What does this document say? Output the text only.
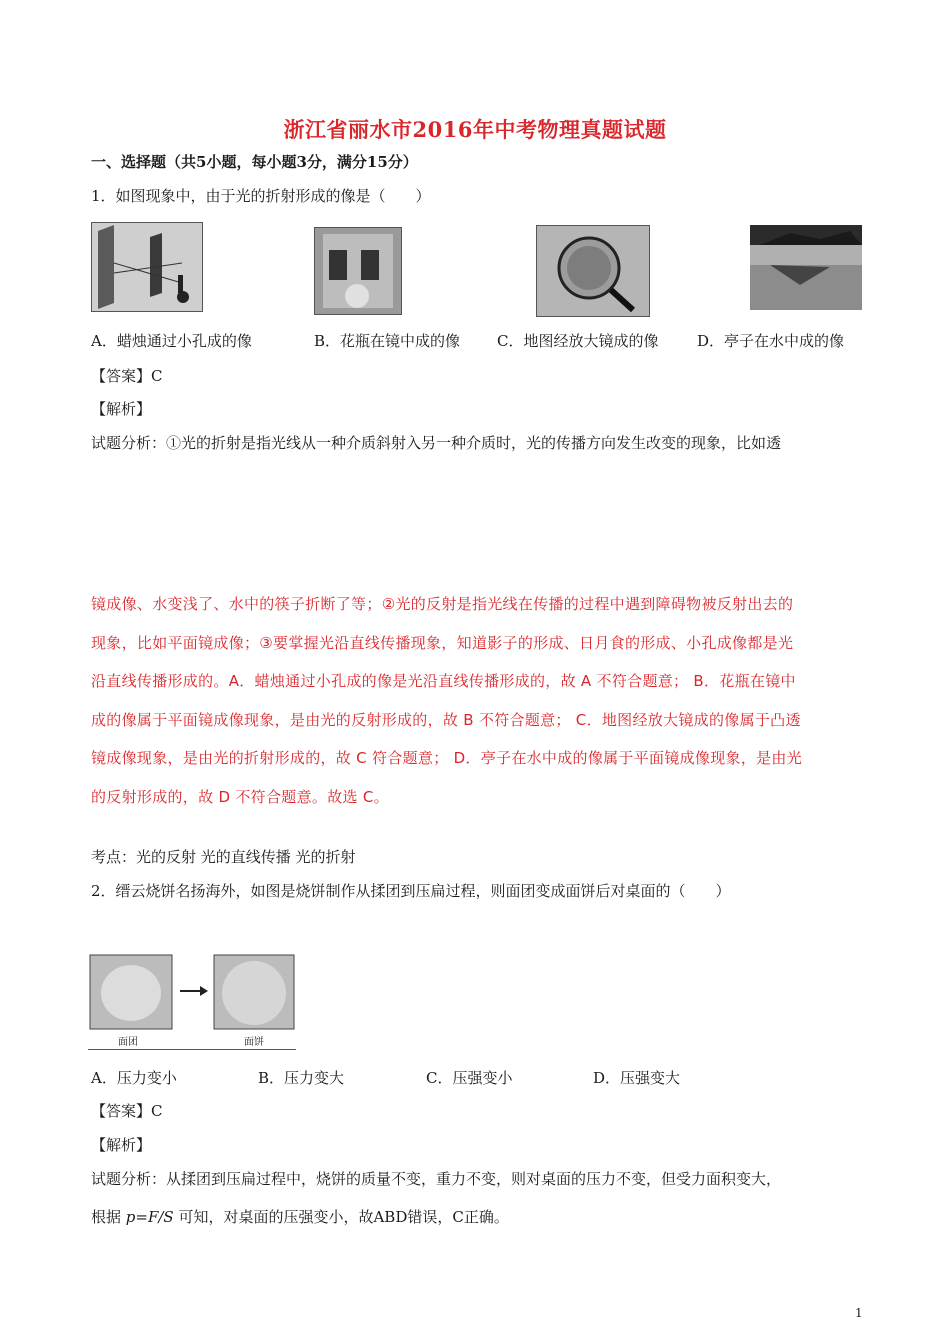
浙江省丽水市2016年中考物理真题试题
一、选择题（共5小题，每小题3分，满分15分）
1．如图现象中，由于光的折射形成的像是（　　）
A．蜡烛通过小孔成的像	B．花瓶在镜中成的像 C．地图经放大镜成的像	D．亭子在水中成的像
【答案】C
【解析】
试题分析：①光的折射是指光线从一种介质斜射入另一种介质时，光的传播方向发生改变的现象，比如透
镜成像、水变浅了、水中的筷子折断了等；②光的反射是指光线在传播的过程中遇到障碍物被反射出去的
现象，比如平面镜成像；③要掌握光沿直线传播现象，知道影子的形成、日月食的形成、小孔成像都是光
沿直线传播形成的。A．蜡烛通过小孔成的像是光沿直线传播形成的，故 A 不符合题意； B．花瓶在镜中
成的像属于平面镜成像现象，是由光的反射形成的，故 B 不符合题意； C．地图经放大镜成的像属于凸透
镜成像现象，是由光的折射形成的，故 C 符合题意； D．亭子在水中成的像属于平面镜成像现象，是由光
的反射形成的，故 D 不符合题意。故选 C。
考点：光的反射 光的直线传播 光的折射
2．缙云烧饼名扬海外，如图是烧饼制作从揉团到压扁过程，则面团变成面饼后对桌面的（　　）
面团	面饼
A．压力变小	B．压力变大	C．压强变小	D．压强变大
【答案】C
【解析】
试题分析：从揉团到压扁过程中，烧饼的质量不变，重力不变，则对桌面的压力不变，但受力面积变大，
根据 p=F/S 可知，对桌面的压强变小，故ABD错误，C正确。
1
